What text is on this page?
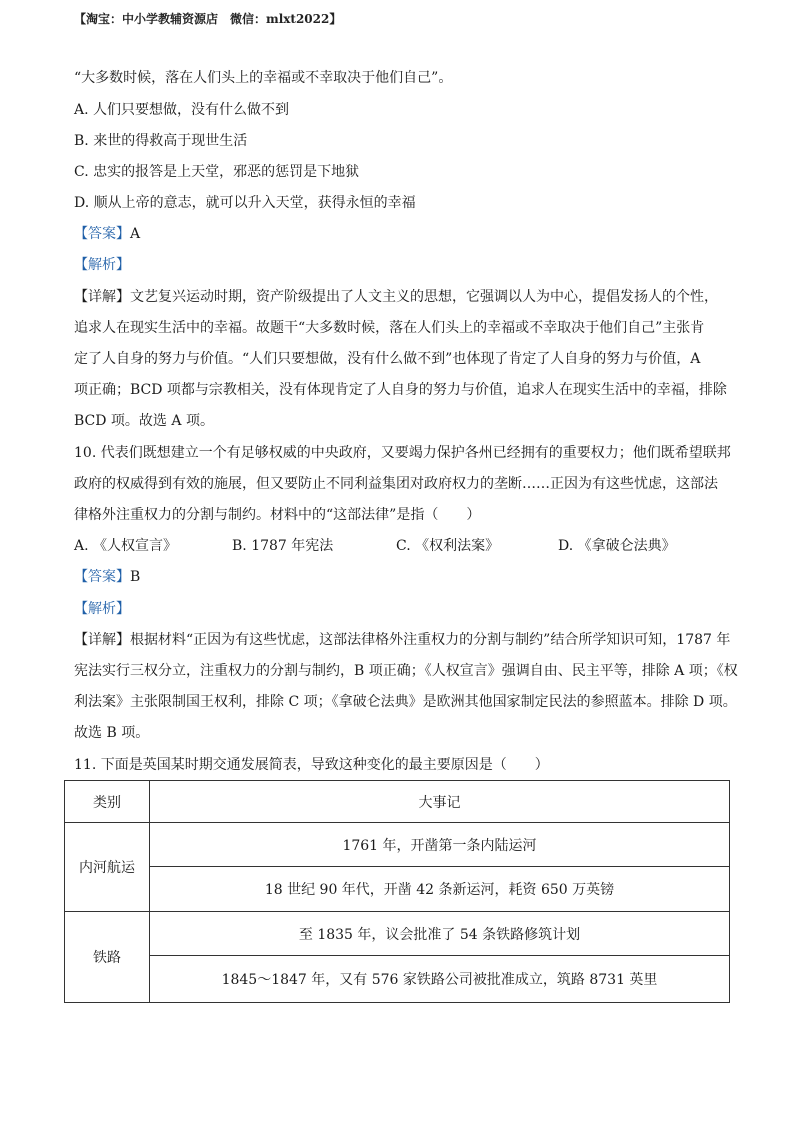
【淘宝：中小学教辅资源店　微信：mlxt2022】
“大多数时候，落在人们头上的幸福或不幸取决于他们自己”。
A. 人们只要想做，没有什么做不到
B. 来世的得救高于现世生活
C. 忠实的报答是上天堂，邪恶的惩罚是下地狱
D. 顺从上帝的意志，就可以升入天堂，获得永恒的幸福
【答案】A
【解析】
【详解】文艺复兴运动时期，资产阶级提出了人文主义的思想，它强调以人为中心，提倡发扬人的个性，
追求人在现实生活中的幸福。故题干“大多数时候，落在人们头上的幸福或不幸取决于他们自己”主张肯
定了人自身的努力与价值。“人们只要想做，没有什么做不到”也体现了肯定了人自身的努力与价值，A
项正确；BCD 项都与宗教相关，没有体现肯定了人自身的努力与价值，追求人在现实生活中的幸福，排除
BCD 项。故选 A 项。
10. 代表们既想建立一个有足够权威的中央政府，又要竭力保护各州已经拥有的重要权力；他们既希望联邦
政府的权威得到有效的施展，但又要防止不同利益集团对政府权力的垄断……正因为有这些忧虑，这部法
律格外注重权力的分割与制约。材料中的“这部法律”是指（　　）
A. 《人权宣言》	B. 1787 年宪法	C. 《权利法案》	D. 《拿破仑法典》
【答案】B
【解析】
【详解】根据材料“正因为有这些忧虑，这部法律格外注重权力的分割与制约”结合所学知识可知，1787 年
宪法实行三权分立，注重权力的分割与制约，B 项正确；《人权宣言》强调自由、民主平等，排除 A 项；《权
利法案》主张限制国王权利，排除 C 项；《拿破仑法典》是欧洲其他国家制定民法的参照蓝本。排除 D 项。
故选 B 项。
11. 下面是英国某时期交通发展简表，导致这种变化的最主要原因是（　　）
类别	大事记
内河航运	1761 年，开凿第一条内陆运河
	18 世纪 90 年代，开凿 42 条新运河，耗资 650 万英镑
铁路	至 1835 年，议会批准了 54 条铁路修筑计划
	1845～1847 年，又有 576 家铁路公司被批准成立，筑路 8731 英里
